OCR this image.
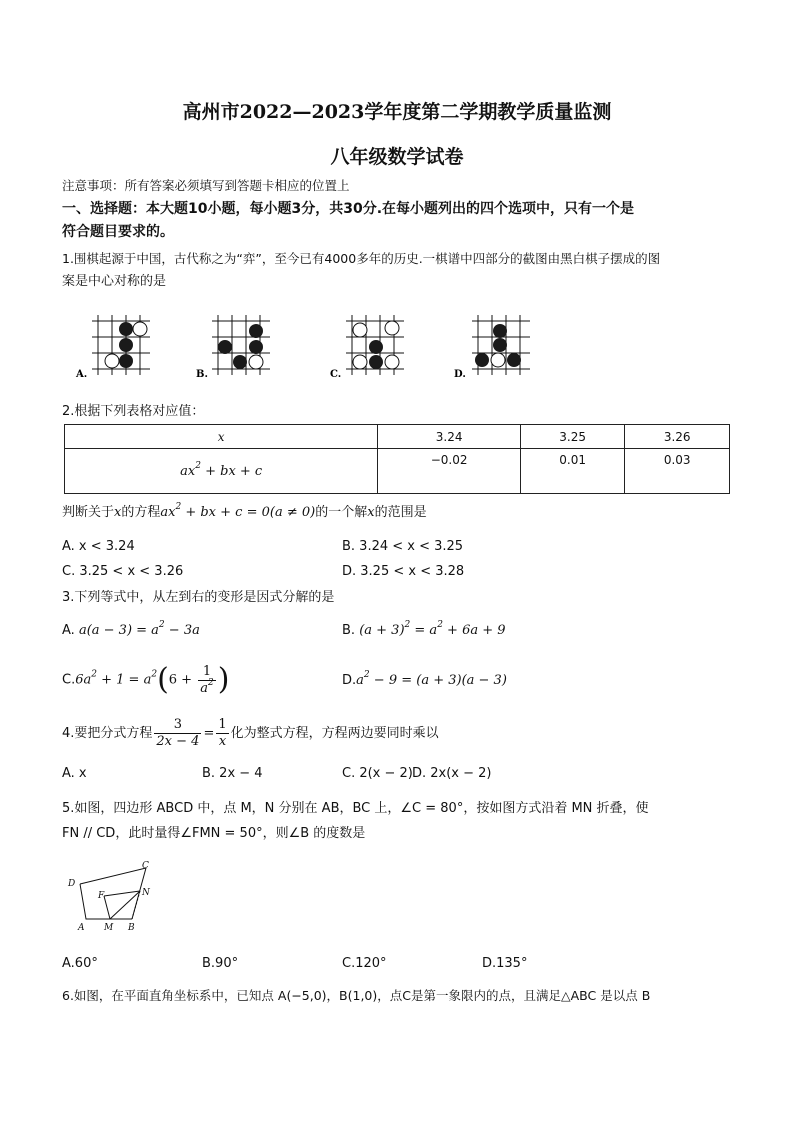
高州市2022—2023学年度第二学期教学质量监测
八年级数学试卷
注意事项：所有答案必须填写到答题卡相应的位置上
一、选择题：本大题10小题，每小题3分，共30分.在每小题列出的四个选项中，只有一个是
符合题目要求的。
1.围棋起源于中国，古代称之为“弈”，至今已有4000多年的历史.一棋谱中四部分的截图由黑白棋子摆成的图
案是中心对称的是
A.	B.	C.	D.
2.根据下列表格对应值：
x	3.24	3.25	3.26
$ax^2$ + bx + c	−0.02	0.01	0.03
判断关于x的方程$ax^2$ + bx + c = 0(a ≠ 0)的一个解x的范围是
A. x < 3.24	B. 3.24 < x < 3.25
C. 3.25 < x < 3.26	D. 3.25 < x < 3.28
3.下列等式中，从左到右的变形是因式分解的是
A. $a(a - 3) = a^2 - 3a$	B. $(a + 3)^2 = a^2 + 6a + 9$
$C.6a^2 + 1 = a^2(6 + \frac{1}{a^2}$ )	$D.a^2 - 9 = (a + 3)(a - 3)$
4.要把分式方程 $\frac{3}{2x - 4} = \frac{1}{x}$ 化为整式方程，方程两边要同时乘以
A. x	B. 2x − 4	C. 2(x − 2) D. 2x(x − 2)
5.如图，四边形 ABCD 中，点 M，N 分别在 AB，BC 上，∠C = 80°，按如图方式沿着 MN 折叠，使
FN // CD，此时量得∠FMN = 50°，则∠B 的度数是
C
D
F	N
A M B
A.60°	B.90°	C.120°	D.135°
6.如图，在平面直角坐标系中，已知点 A(−5,0)，B(1,0)，点C是第一象限内的点，且满足△ABC 是以点 B
